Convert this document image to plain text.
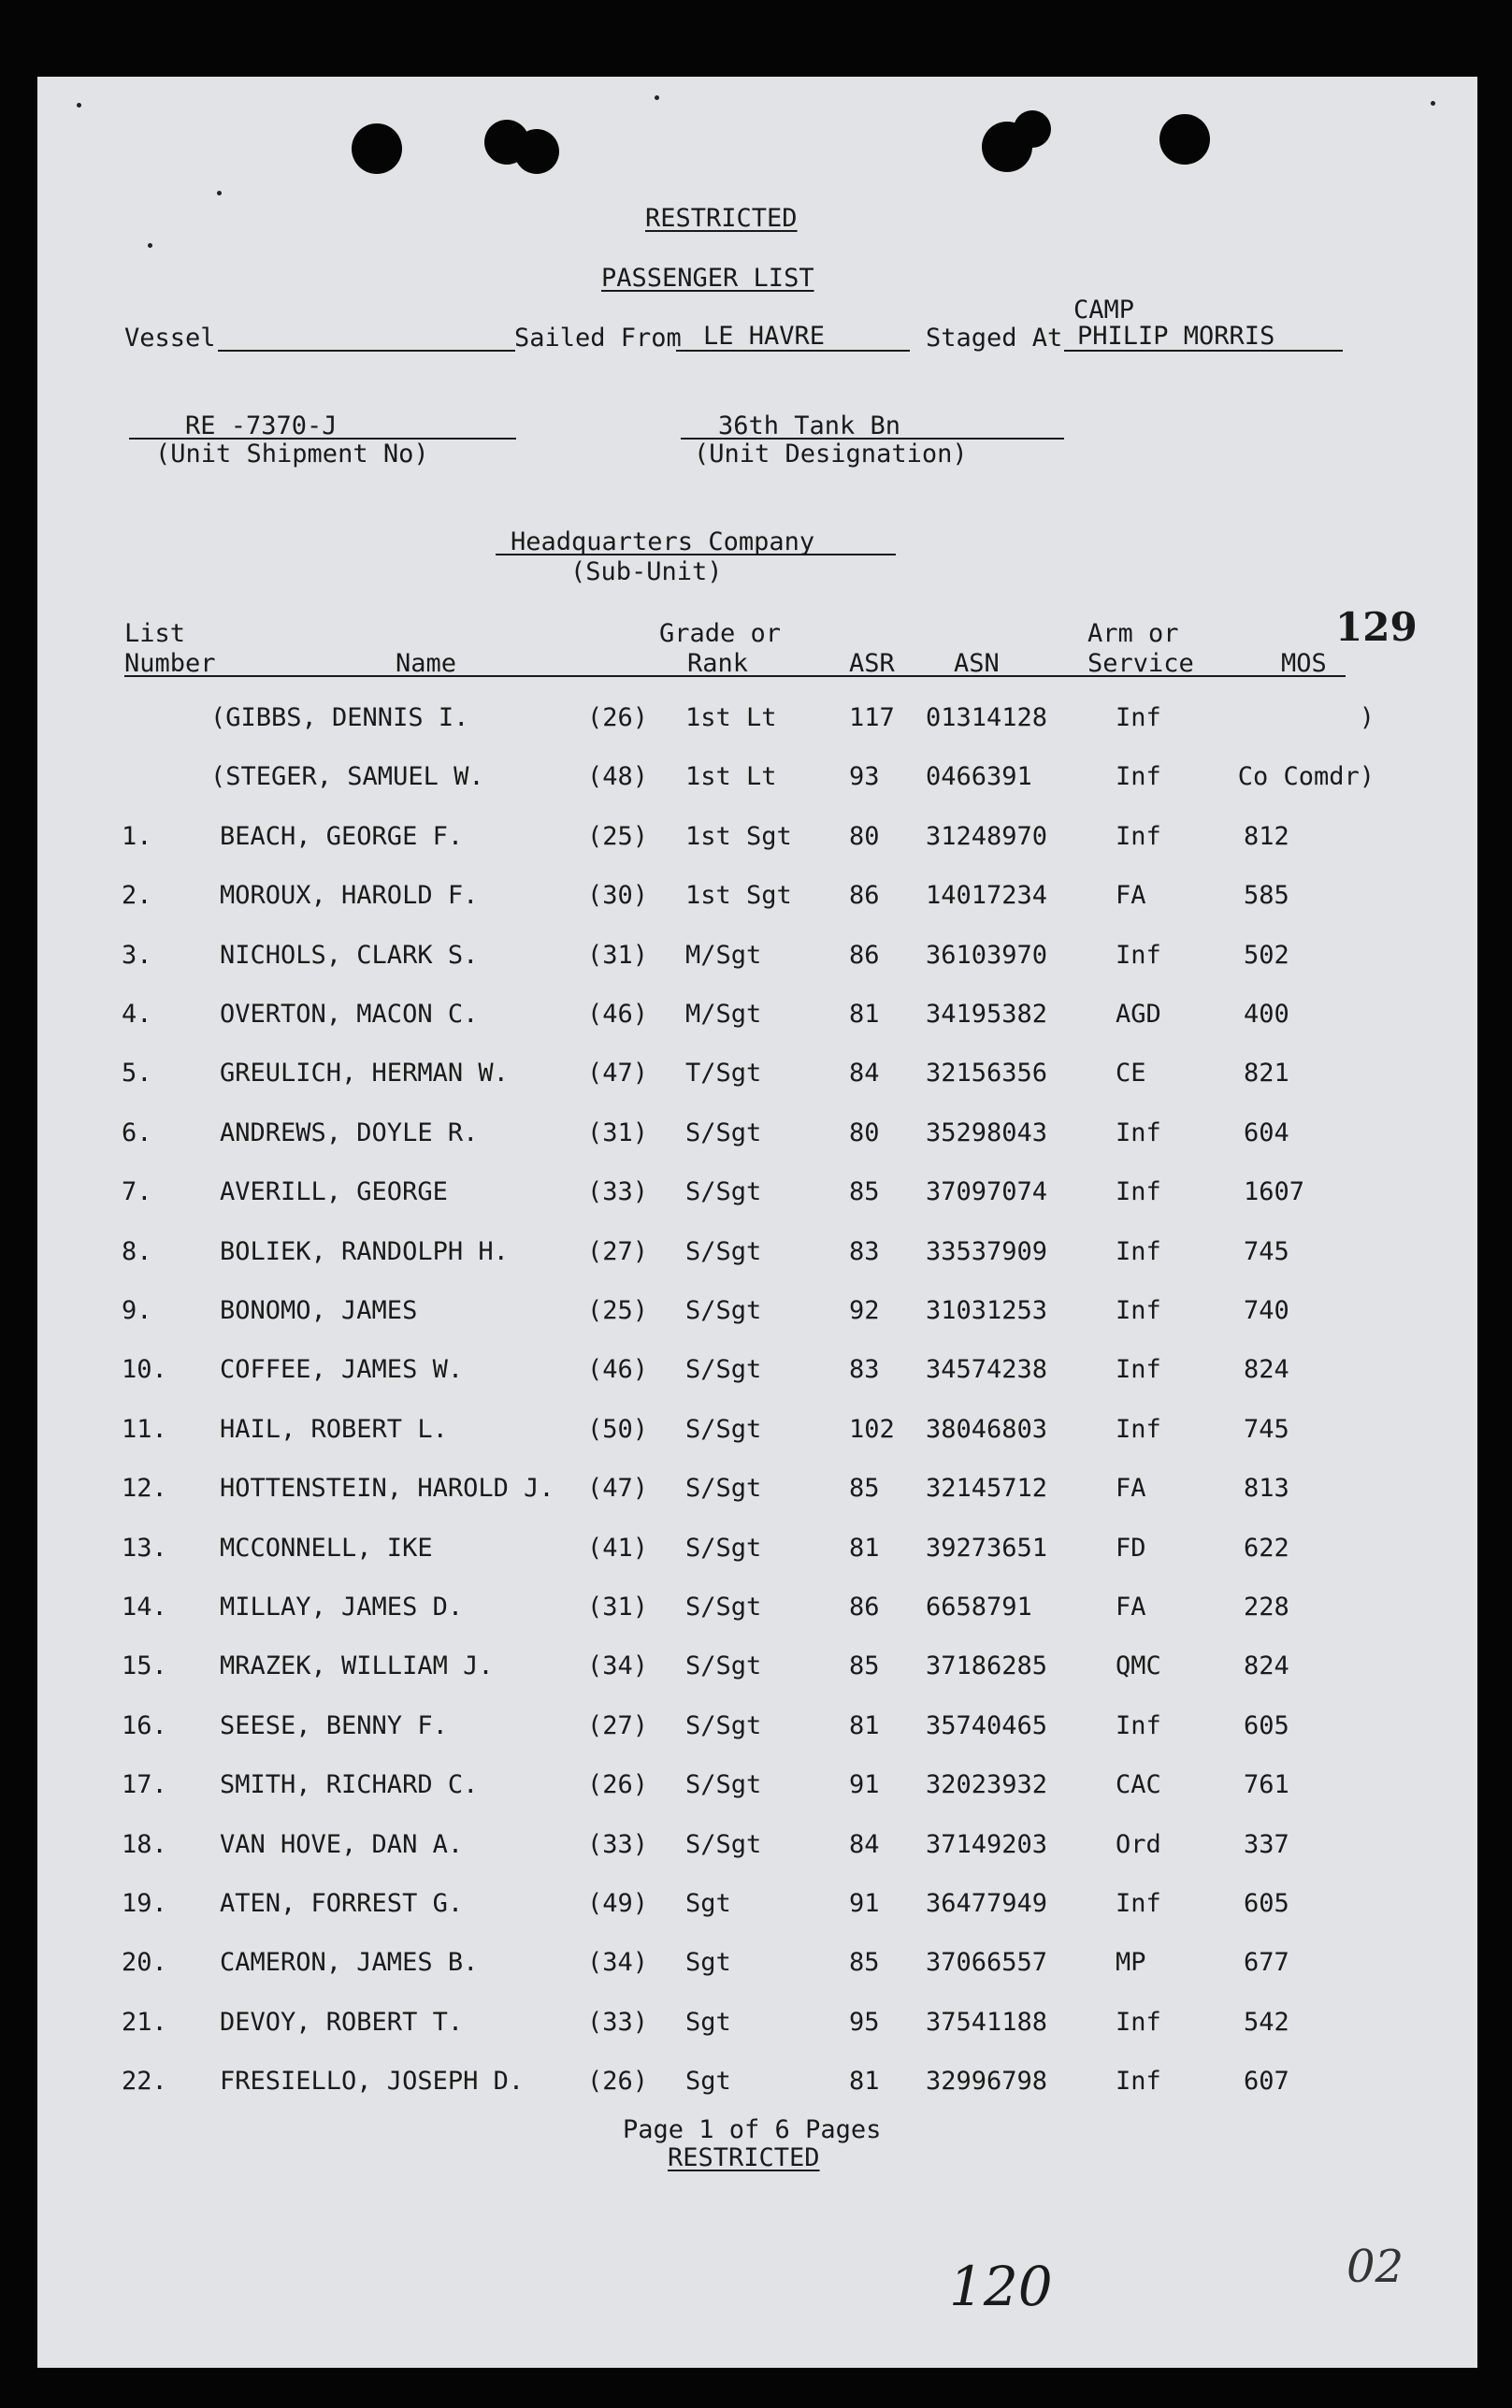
RESTRICTED
PASSENGER LIST
CAMP
Vessel	Sailed From LE HAVRE	Staged At PHILIP MORRIS
RE -7370-J
(Unit Shipment No)
36th Tank Bn
(Unit Designation)
Headquarters Company
(Sub-Unit)
List
Number	Name
Grade or
Rank	ASR ASN
Arm or
Service	MOS
129
(GIBBS, DENNIS I.	(26) 1st Lt	117 01314128	Inf	)
(STEGER, SAMUEL W.	(48) 1st Lt	93 0466391	Inf	Co Comdr)
1.	BEACH, GEORGE F.	(25) 1st Sgt 80 31248970	Inf	812
2.	MOROUX, HAROLD F.	(30) 1st Sgt 86 14017234	FA	585
3.	NICHOLS, CLARK S.	(31) M/Sgt	86 36103970	Inf	502
4.	OVERTON, MACON C.	(46) M/Sgt	81 34195382	AGD	400
5.	GREULICH, HERMAN W.	(47) T/Sgt	84 32156356	CE	821
6.	ANDREWS, DOYLE R.	(31) S/Sgt	80 35298043	Inf	604
7.	AVERILL, GEORGE	(33) S/Sgt	85 37097074	Inf	1607
8.	BOLIEK, RANDOLPH H.	(27) S/Sgt	83 33537909	Inf	745
9.	BONOMO, JAMES	(25) S/Sgt	92 31031253	Inf	740
10. COFFEE, JAMES W.	(46) S/Sgt	83 34574238	Inf	824
11. HAIL, ROBERT L.	(50) S/Sgt	102 38046803	Inf	745
12. HOTTENSTEIN, HAROLD J. (47) S/Sgt	85 32145712	FA	813
13. MCCONNELL, IKE	(41) S/Sgt	81 39273651	FD	622
14. MILLAY, JAMES D.	(31) S/Sgt	86 6658791	FA	228
15. MRAZEK, WILLIAM J.	(34) S/Sgt	85 37186285	QMC	824
16. SEESE, BENNY F.	(27) S/Sgt	81 35740465	Inf	605
17. SMITH, RICHARD C.	(26) S/Sgt	91 32023932	CAC	761
18. VAN HOVE, DAN A.	(33) S/Sgt	84 37149203	Ord	337
19. ATEN, FORREST G.	(49) Sgt	91 36477949	Inf	605
20. CAMERON, JAMES B.	(34) Sgt	85 37066557	MP	677
21. DEVOY, ROBERT T.	(33) Sgt	95 37541188	Inf	542
22. FRESIELLO, JOSEPH D.	(26) Sgt	81 32996798	Inf	607
Page 1 of 6 Pages
RESTRICTED
120	02
